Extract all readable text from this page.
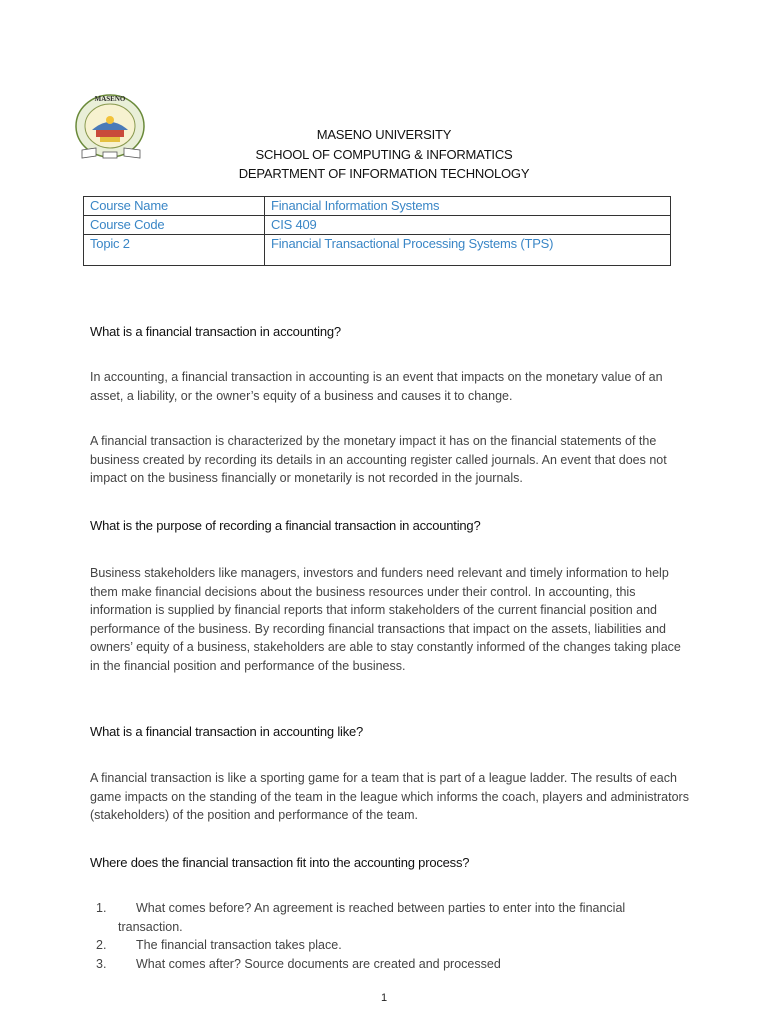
MASENO
MASENO UNIVERSITY
SCHOOL OF COMPUTING & INFORMATICS
DEPARTMENT OF INFORMATION TECHNOLOGY
Course Name	Financial Information Systems
Course Code	CIS 409
Topic 2	Financial Transactional Processing Systems (TPS)
What is a financial transaction in accounting?

In accounting, a financial transaction in accounting is an event that impacts on the monetary value of an asset, a liability, or the owner’s equity of a business and causes it to change.

A financial transaction is characterized by the monetary impact it has on the financial statements of the business created by recording its details in an accounting register called journals. An event that does not impact on the business financially or monetarily is not recorded in the journals.

What is the purpose of recording a financial transaction in accounting?

Business stakeholders like managers, investors and funders need relevant and timely information to help them make financial decisions about the business resources under their control. In accounting, this information is supplied by financial reports that inform stakeholders of the current financial position and performance of the business. By recording financial transactions that impact on the assets, liabilities and owners’ equity of a business, stakeholders are able to stay constantly informed of the changes taking place in the financial position and performance of the business.

What is a financial transaction in accounting like?

A financial transaction is like a sporting game for a team that is part of a league ladder. The results of each game impacts on the standing of the team in the league which informs the coach, players and administrators (stakeholders) of the position and performance of the team.

Where does the financial transaction fit into the accounting process?
1.	What comes before? An agreement is reached between parties to enter into the financial
transaction.
2.	The financial transaction takes place.
3.	What comes after? Source documents are created and processed
1
